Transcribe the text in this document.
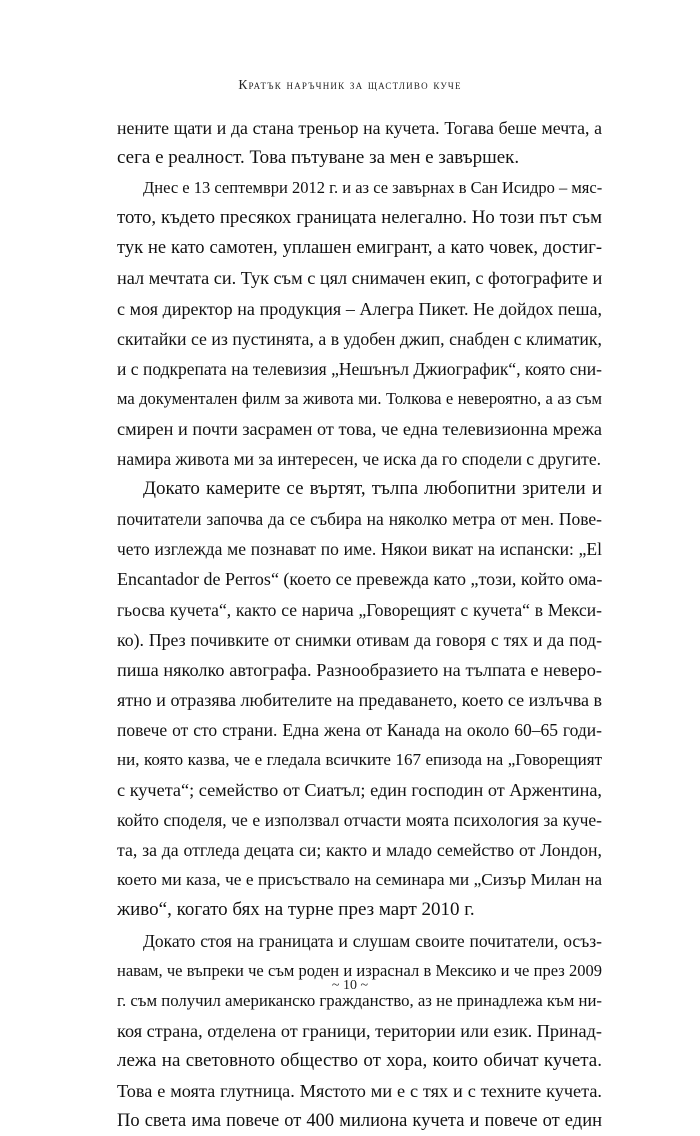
Кратък наръчник за щастливо куче
нените щати и да стана треньор на кучета. Тогава беше мечта, а
сега е реалност. Това пътуване за мен е завършек.
Днес е 13 септември 2012 г. и аз се завърнах в Сан Исидро – мяс-
тото, където пресякох границата нелегално. Но този път съм
тук не като самотен, уплашен емигрант, а като човек, достиг-
нал мечтата си. Тук съм с цял снимачен екип, с фотографите и
с моя директор на продукция – Алегра Пикет. Не дойдох пеша,
скитайки се из пустинята, а в удобен джип, снабден с климатик,
и с подкрепата на телевизия „Нешънъл Джиографик“, която сни-
ма документален филм за живота ми. Толкова е невероятно, а аз съм
смирен и почти засрамен от това, че една телевизионна мрежа
намира живота ми за интересен, че иска да го сподели с другите.
Докато камерите се въртят, тълпа любопитни зрители и
почитатели започва да се събира на няколко метра от мен. Пове-
чето изглежда ме познават по име. Някои викат на испански: „El
Encantador de Perros“ (което се превежда като „този, който ома-
гьосва кучета“, както се нарича „Говорещият с кучета“ в Мекси-
ко). През почивките от снимки отивам да говоря с тях и да под-
пиша няколко автографа. Разнообразието на тълпата е неверо-
ятно и отразява любителите на предаването, което се излъчва в
повече от сто страни. Една жена от Канада на около 60–65 годи-
ни, която казва, че е гледала всичките 167 епизода на „Говорещият
с кучета“; семейство от Сиатъл; един господин от Аржентина,
който споделя, че е използвал отчасти моята психология за куче-
та, за да отгледа децата си; както и младо семейство от Лондон,
което ми каза, че е присъствало на семинара ми „Сизър Милан на
живо“, когато бях на турне през март 2010 г.
Докато стоя на границата и слушам своите почитатели, осъз-
навам, че въпреки че съм роден и израснал в Мексико и че през 2009
г. съм получил американско гражданство, аз не принадлежа към ни-
коя страна, отделена от граници, територии или език. Принад-
лежа на световното общество от хора, които обичат кучета.
Това е моята глутница. Мястото ми е с тях и с техните кучета.
По света има повече от 400 милиона кучета и повече от един
~ 10 ~
